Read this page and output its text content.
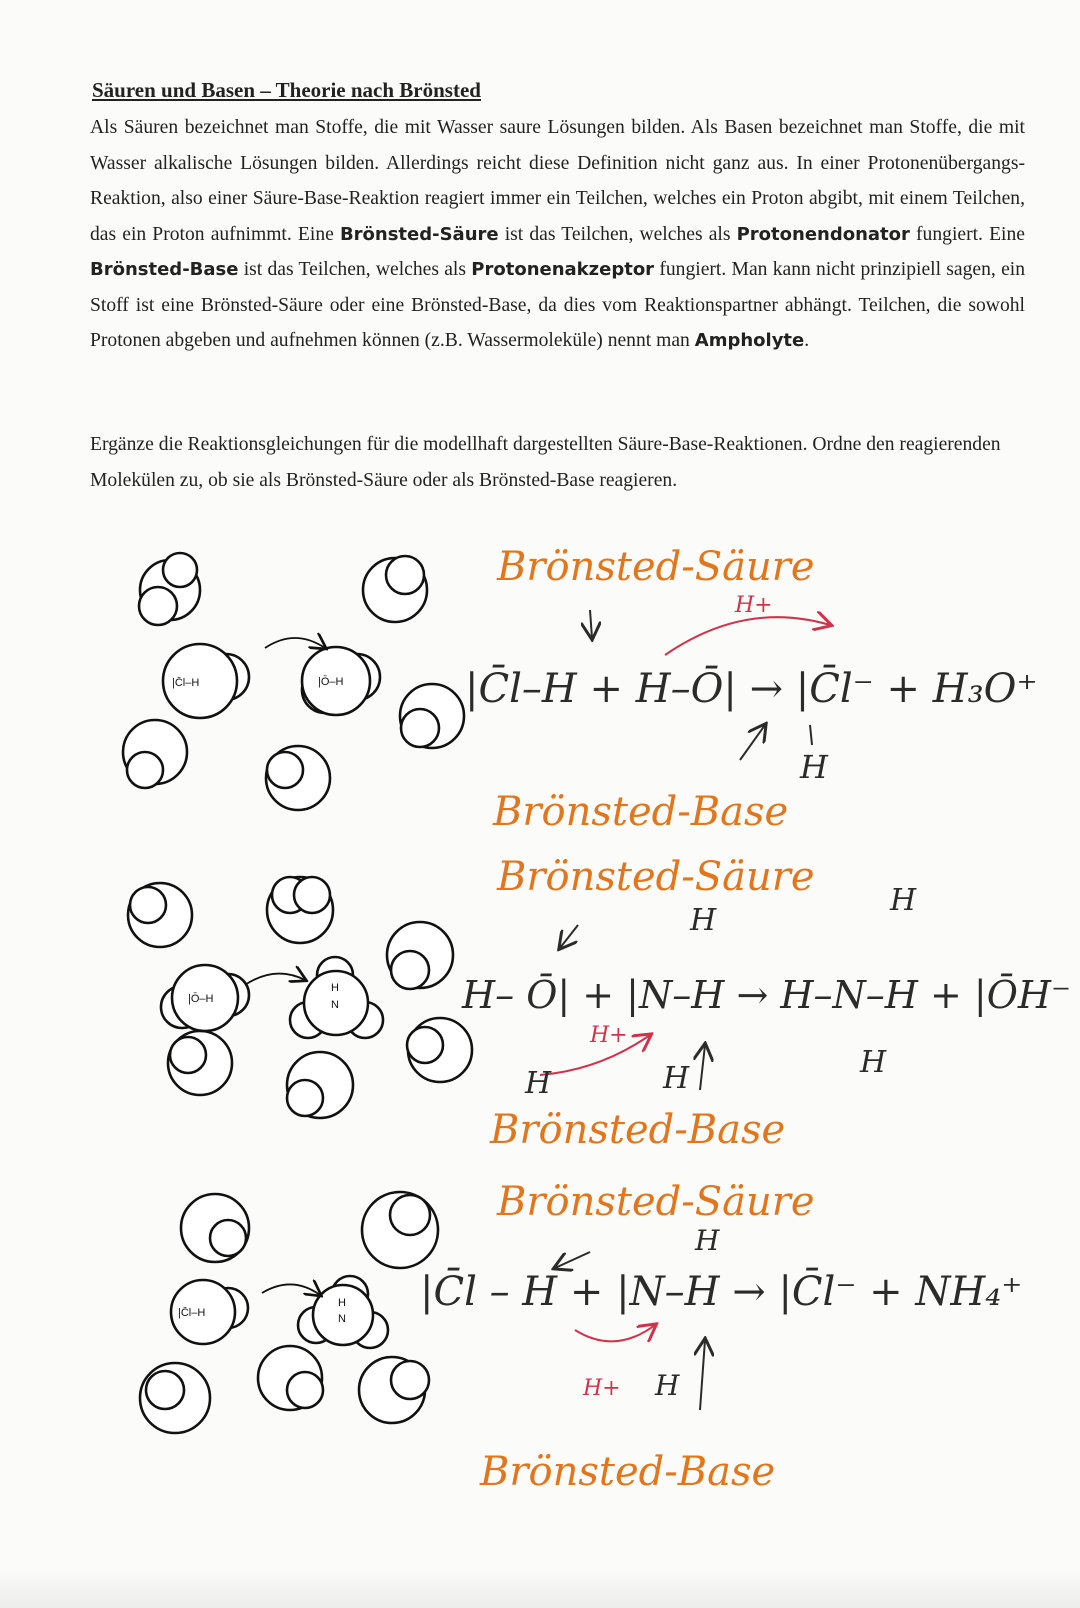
Säuren und Basen – Theorie nach Brönsted
Als Säuren bezeichnet man Stoffe, die mit Wasser saure Lösungen bilden. Als Basen bezeichnet man Stoffe, die mit Wasser alkalische Lösungen bilden. Allerdings reicht diese Definition nicht ganz aus. In einer Protonenübergangs-Reaktion, also einer Säure-Base-Reaktion reagiert immer ein Teilchen, welches ein Proton abgibt, mit einem Teilchen, das ein Proton aufnimmt. Eine Brönsted-Säure ist das Teilchen, welches als Protonendonator fungiert. Eine Brönsted-Base ist das Teilchen, welches als Protonenakzeptor fungiert. Man kann nicht prinzipiell sagen, ein Stoff ist eine Brönsted-Säure oder eine Brönsted-Base, da dies vom Reaktionspartner abhängt. Teilchen, die sowohl Protonen abgeben und aufnehmen können (z.B. Wassermoleküle) nennt man Ampholyte.
Ergänze die Reaktionsgleichungen für die modellhaft dargestellten Säure-Base-Reaktionen. Ordne den reagierenden Molekülen zu, ob sie als Brönsted-Säure oder als Brönsted-Base reagieren.
|C̄l–H	|Ō–H
|Ō–H
H
N
|C̄l–H
H
N
Brönsted-Säure
H+
|C̄l–H + H–Ō| → |C̄l⁻ + H₃O⁺
H
Brönsted-Base
Brönsted-Säure
H
H
H– Ō| + |N–H → H–N–H + |ŌH⁻
H+
H	H	H
Brönsted-Base
Brönsted-Säure
H
|C̄l – H + |N–H → |C̄l⁻ + NH₄⁺
H+ H
Brönsted-Base
